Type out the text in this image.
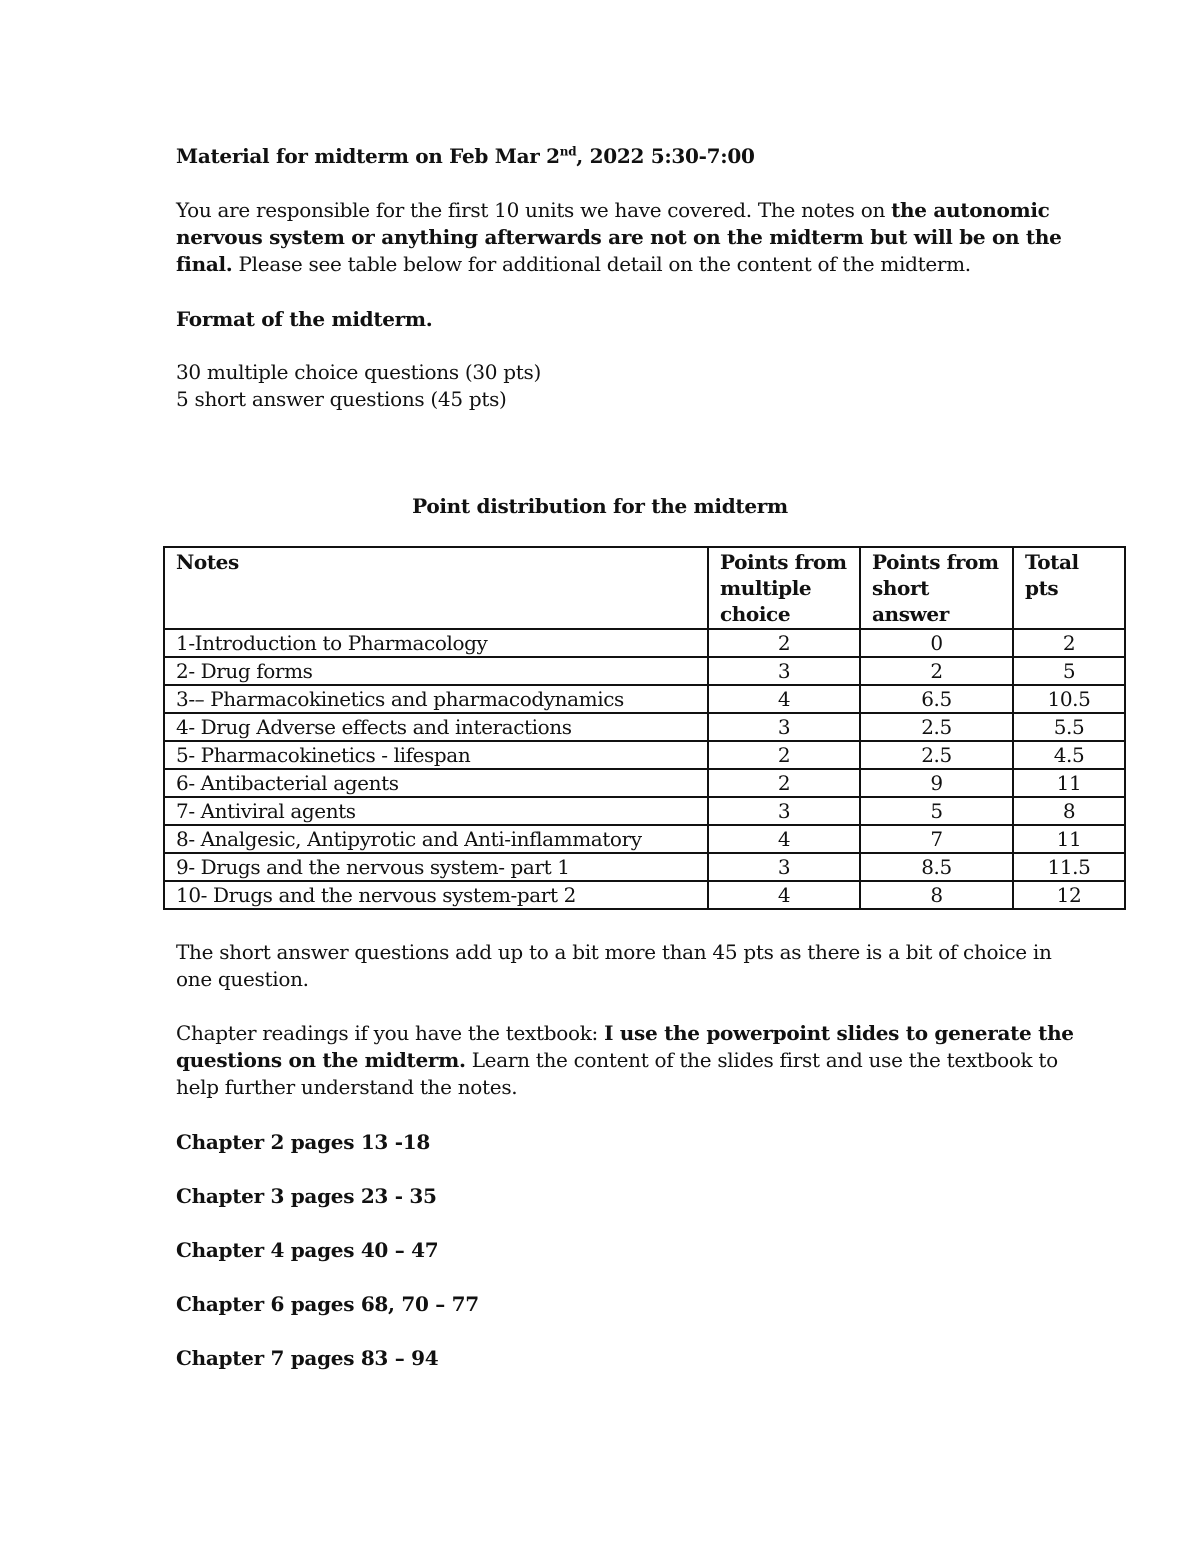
Material for midterm on Feb Mar 2nd, 2022 5:30-7:00
You are responsible for the first 10 units we have covered. The notes on the autonomic
nervous system or anything afterwards are not on the midterm but will be on the
final. Please see table below for additional detail on the content of the midterm.
Format of the midterm.
30 multiple choice questions (30 pts)
5 short answer questions (45 pts)
Point distribution for the midterm
Notes	Points from multiple choice	Points from short answer	Total pts
1-Introduction to Pharmacology	2	0	2
2- Drug forms	3	2	5
3-– Pharmacokinetics and pharmacodynamics	4	6.5	10.5
4- Drug Adverse effects and interactions	3	2.5	5.5
5- Pharmacokinetics - lifespan	2	2.5	4.5
6- Antibacterial agents	2	9	11
7- Antiviral agents	3	5	8
8- Analgesic, Antipyrotic and Anti-inflammatory	4	7	11
9- Drugs and the nervous system- part 1	3	8.5	11.5
10- Drugs and the nervous system-part 2	4	8	12
The short answer questions add up to a bit more than 45 pts as there is a bit of choice in
one question.
Chapter readings if you have the textbook: I use the powerpoint slides to generate the
questions on the midterm. Learn the content of the slides first and use the textbook to
help further understand the notes.
Chapter 2 pages 13 -18
Chapter 3 pages 23 - 35
Chapter 4 pages 40 – 47
Chapter 6 pages 68, 70 – 77
Chapter 7 pages 83 – 94
